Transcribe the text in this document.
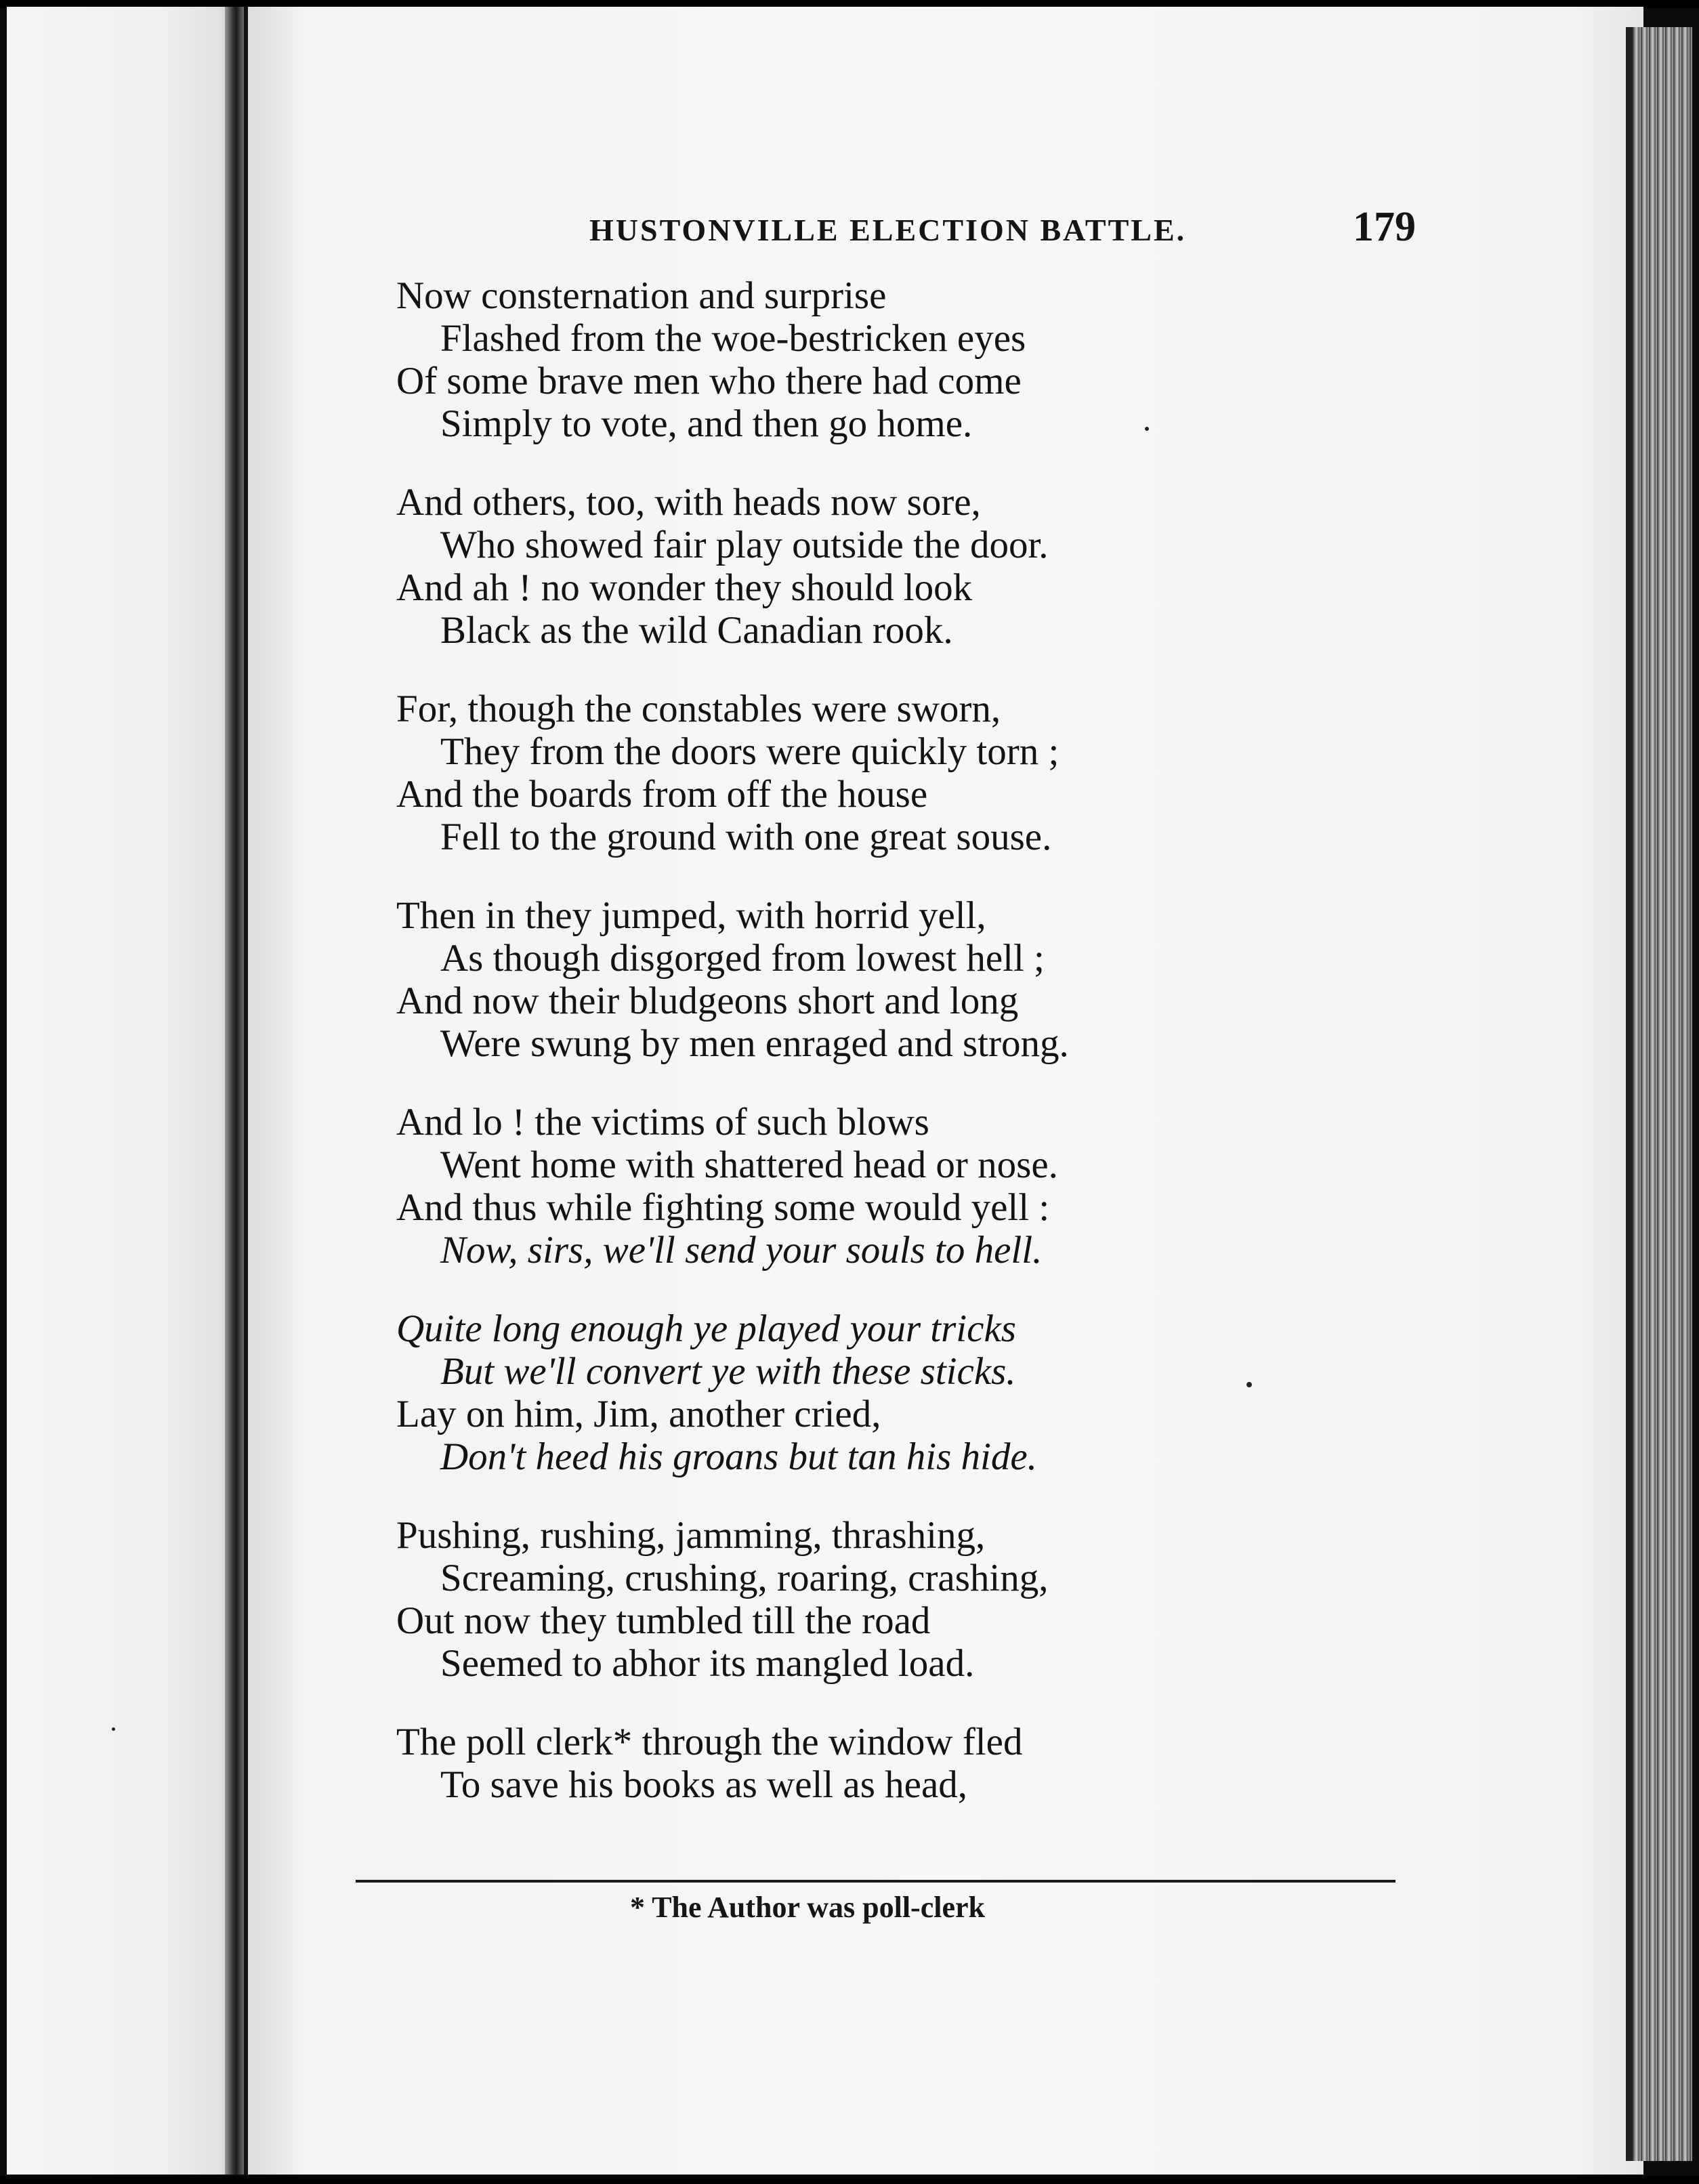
HUSTONVILLE ELECTION BATTLE.	179
Now consternation and surprise
Flashed from the woe-bestricken eyes
Of some brave men who there had come
Simply to vote, and then go home.
And others, too, with heads now sore,
Who showed fair play outside the door.
And ah ! no wonder they should look
Black as the wild Canadian rook.
For, though the constables were sworn,
They from the doors were quickly torn ;
And the boards from off the house
Fell to the ground with one great souse.
Then in they jumped, with horrid yell,
As though disgorged from lowest hell ;
And now their bludgeons short and long
Were swung by men enraged and strong.
And lo ! the victims of such blows
Went home with shattered head or nose.
And thus while fighting some would yell :
Now, sirs, we'll send your souls to hell.
Quite long enough ye played your tricks
But we'll convert ye with these sticks.
Lay on him, Jim, another cried,
Don't heed his groans but tan his hide.
Pushing, rushing, jamming, thrashing,
Screaming, crushing, roaring, crashing,
Out now they tumbled till the road
Seemed to abhor its mangled load.
The poll clerk* through the window fled
To save his books as well as head,
* The Author was poll-clerk
